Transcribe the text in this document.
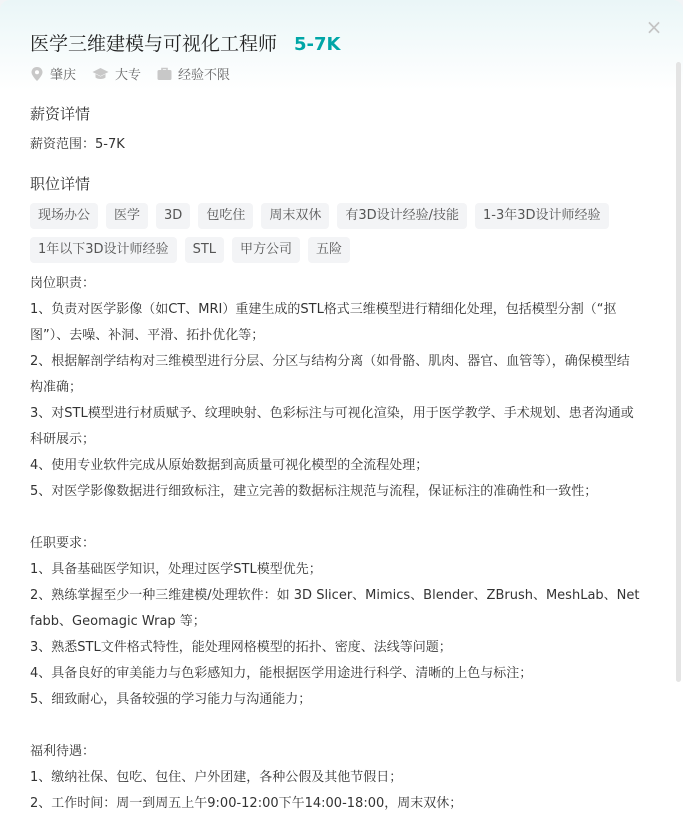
×
医学三维建模与可视化工程师 5-7K
肇庆	大专	经验不限
薪资详情
薪资范围：5-7K
职位详情
现场办公	医学	3D	包吃住	周末双休	有3D设计经验/技能	1-3年3D设计师经验
1年以下3D设计师经验	STL	甲方公司	五险
岗位职责：
1、负责对医学影像（如CT、MRI）重建生成的STL格式三维模型进行精细化处理，包括模型分割（“抠图”）、去噪、补洞、平滑、拓扑优化等；
2、根据解剖学结构对三维模型进行分层、分区与结构分离（如骨骼、肌肉、器官、血管等），确保模型结构准确；
3、对STL模型进行材质赋予、纹理映射、色彩标注与可视化渲染，用于医学教学、手术规划、患者沟通或科研展示；
4、使用专业软件完成从原始数据到高质量可视化模型的全流程处理；
5、对医学影像数据进行细致标注，建立完善的数据标注规范与流程，保证标注的准确性和一致性；

任职要求：
1、具备基础医学知识，处理过医学STL模型优先；
2、熟练掌握至少一种三维建模/处理软件：如 3D Slicer、Mimics、Blender、ZBrush、MeshLab、Netfabb、Geomagic Wrap 等；
3、熟悉STL文件格式特性，能处理网格模型的拓扑、密度、法线等问题；
4、具备良好的审美能力与色彩感知力，能根据医学用途进行科学、清晰的上色与标注；
5、细致耐心，具备较强的学习能力与沟通能力；

福利待遇：
1、缴纳社保、包吃、包住、户外团建，各种公假及其他节假日；
2、工作时间：周一到周五上午9:00-12:00下午14:00-18:00，周末双休；
